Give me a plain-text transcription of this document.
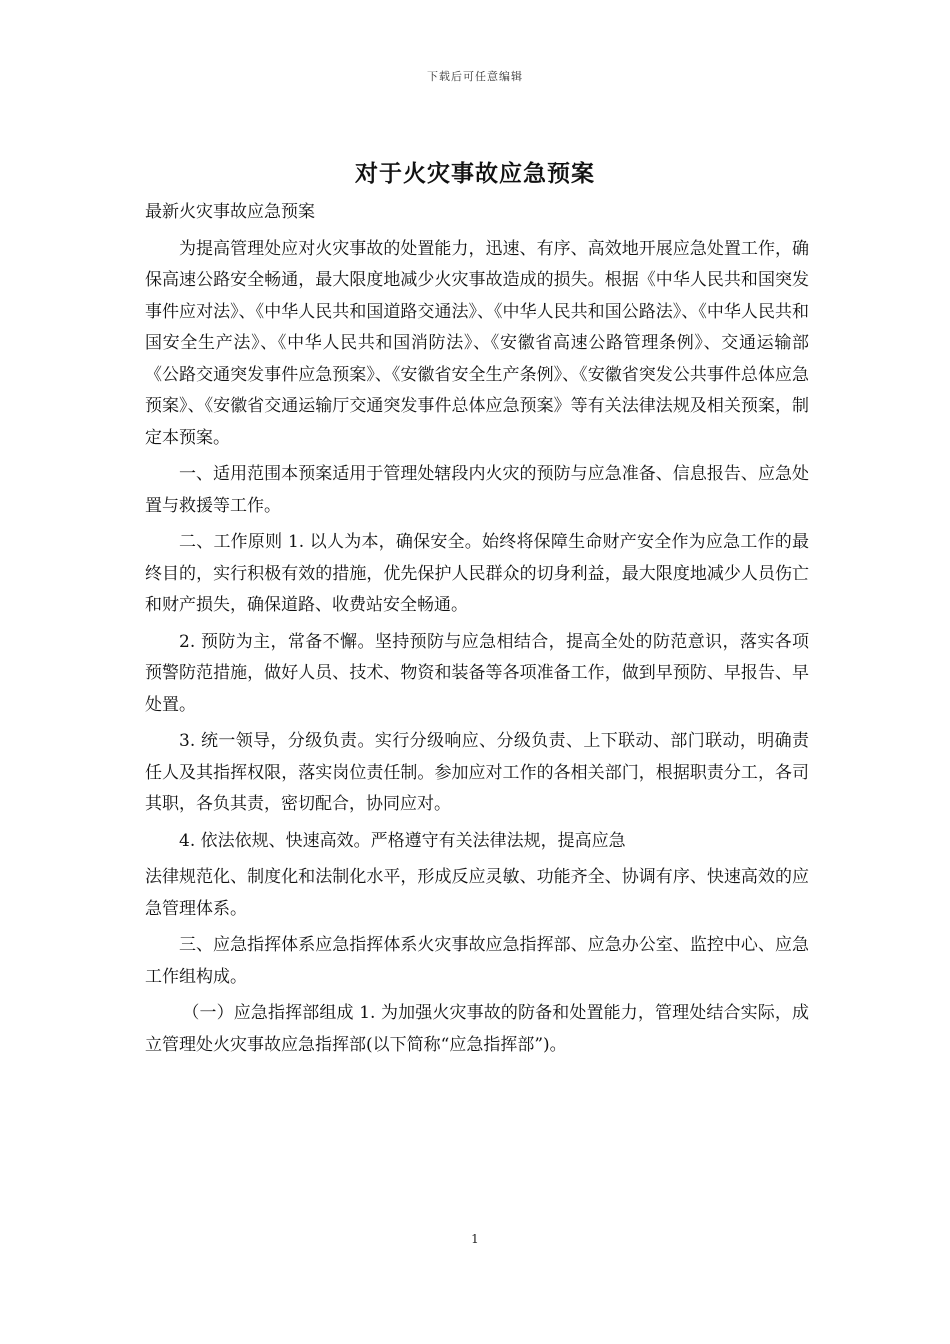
下载后可任意编辑
对于火灾事故应急预案

最新火灾事故应急预案

为提高管理处应对火灾事故的处置能力，迅速、有序、高效地开展应急处置工作，确保高速公路安全畅通，最大限度地减少火灾事故造成的损失。根据《中华人民共和国突发事件应对法》、《中华人民共和国道路交通法》、《中华人民共和国公路法》、《中华人民共和国安全生产法》、《中华人民共和国消防法》、《安徽省高速公路管理条例》、交通运输部《公路交通突发事件应急预案》、《安徽省安全生产条例》、《安徽省突发公共事件总体应急预案》、《安徽省交通运输厅交通突发事件总体应急预案》等有关法律法规及相关预案，制定本预案。

一、适用范围本预案适用于管理处辖段内火灾的预防与应急准备、信息报告、应急处置与救援等工作。

二、工作原则 1. 以人为本，确保安全。始终将保障生命财产安全作为应急工作的最终目的，实行积极有效的措施，优先保护人民群众的切身利益，最大限度地减少人员伤亡和财产损失，确保道路、收费站安全畅通。

2. 预防为主，常备不懈。坚持预防与应急相结合，提高全处的防范意识，落实各项预警防范措施，做好人员、技术、物资和装备等各项准备工作，做到早预防、早报告、早处置。

3. 统一领导，分级负责。实行分级响应、分级负责、上下联动、部门联动，明确责任人及其指挥权限，落实岗位责任制。参加应对工作的各相关部门，根据职责分工，各司其职，各负其责，密切配合，协同应对。

4. 依法依规、快速高效。严格遵守有关法律法规，提高应急

法律规范化、制度化和法制化水平，形成反应灵敏、功能齐全、协调有序、快速高效的应急管理体系。

三、应急指挥体系应急指挥体系火灾事故应急指挥部、应急办公室、监控中心、应急工作组构成。

（一）应急指挥部组成 1. 为加强火灾事故的防备和处置能力，管理处结合实际，成立管理处火灾事故应急指挥部(以下简称“应急指挥部”)。

1
